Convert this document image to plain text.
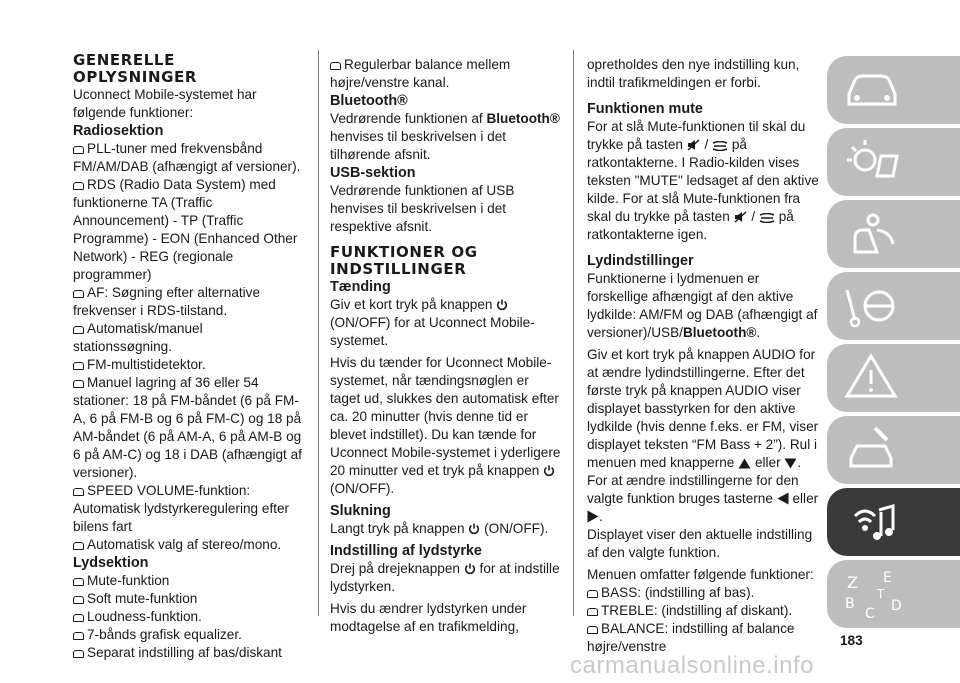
GENERELLE

OPLYSNINGER

Uconnect Mobile-systemet har følgende funktioner:

Radiosektion

PLL-tuner med frekvensbånd FM/AM/DAB (afhængigt af versioner).

RDS (Radio Data System) med funktionerne TA (Traffic Announcement) - TP (Traffic Programme) - EON (Enhanced Other Network) - REG (regionale programmer)

AF: Søgning efter alternative frekvenser i RDS-tilstand.

Automatisk/manuel stationssøgning.

FM-multistidetektor.

Manuel lagring af 36 eller 54 stationer: 18 på FM-båndet (6 på FM-A, 6 på FM-B og 6 på FM-C) og 18 på AM-båndet (6 på AM-A, 6 på AM-B og 6 på AM-C) og 18 i DAB (afhængigt af versioner).

SPEED VOLUME-funktion: Automatisk lydstyrkeregulering efter bilens fart

Automatisk valg af stereo/mono.

Lydsektion

Mute-funktion

Soft mute-funktion

Loudness-funktion.

7-bånds grafisk equalizer.

Separat indstilling af bas/diskant

Regulerbar balance mellem højre/venstre kanal.

Bluetooth®

Vedrørende funktionen af Bluetooth® henvises til beskrivelsen i det tilhørende afsnit.

USB-sektion

Vedrørende funktionen af USB henvises til beskrivelsen i det respektive afsnit.

FUNKTIONER OG

INDSTILLINGER

Tænding

Giv et kort tryk på knappen  (ON/OFF) for at Uconnect Mobile-systemet.

Hvis du tænder for Uconnect Mobile-systemet, når tændingsnøglen er taget ud, slukkes den automatisk efter ca. 20 minutter (hvis denne tid er blevet indstillet). Du kan tænde for Uconnect Mobile-systemet i yderligere 20 minutter ved et tryk på knappen  (ON/OFF).

Slukning

Langt tryk på knappen (ON/OFF).

Indstilling af lydstyrke

Drej på drejeknappen for at indstille lydstyrken.

Hvis du ændrer lydstyrken under modtagelse af en trafikmelding,

opretholdes den nye indstilling kun, indtil trafikmeldingen er forbi.

Funktionen mute

For at slå Mute-funktionen til skal du trykke på tasten / på ratkontakterne. I Radio-kilden vises teksten "MUTE" ledsaget af den aktive kilde. For at slå Mute-funktionen fra skal du trykke på tasten / på ratkontakterne igen.

Lydindstillinger

Funktionerne i lydmenuen er forskellige afhængigt af den aktive lydkilde: AM/FM og DAB (afhængigt af versioner)/USB/Bluetooth®.

Giv et kort tryk på knappen AUDIO for at ændre lydindstillingerne. Efter det første tryk på knappen AUDIO viser displayet basstyrken for den aktive lydkilde (hvis denne f.eks. er FM, viser displayet teksten “FM Bass + 2”). Rul i menuen med knapperne eller . For at ændre indstillingerne for den valgte funktion bruges tasterne eller .

Displayet viser den aktuelle indstilling af den valgte funktion.

Menuen omfatter følgende funktioner:

BASS: (indstilling af bas).

TREBLE: (indstilling af diskant).

BALANCE: indstilling af balance højre/venstre

Z E
B
C D
T
183
carmanualsonline.info
